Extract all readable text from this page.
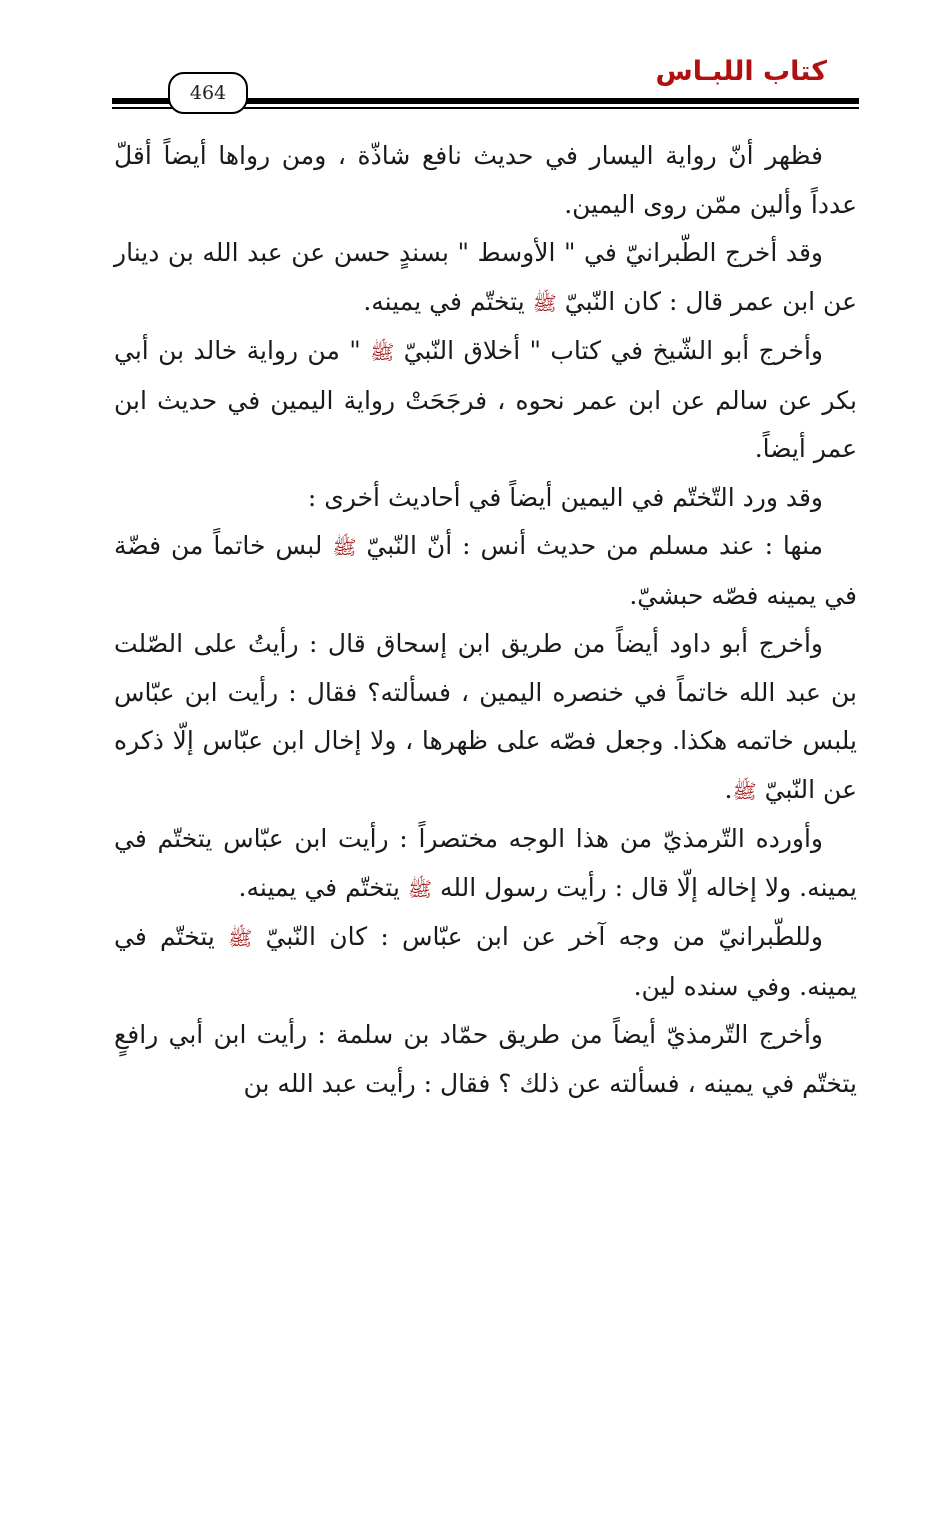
كتاب اللبـاس
464

فظهر أنّ رواية اليسار في حديث نافع شاذّة ، ومن رواها أيضاً أقلّ عدداً وألين ممّن روى اليمين.

وقد أخرج الطّبرانيّ في " الأوسط " بسندٍ حسن عن عبد الله بن دينار عن ابن عمر قال : كان النّبيّ ﷺ يتختّم في يمينه.

وأخرج أبو الشّيخ في كتاب " أخلاق النّبيّ ﷺ " من رواية خالد بن أبي بكر عن سالم عن ابن عمر نحوه ، فرجَحَتْ رواية اليمين في حديث ابن عمر أيضاً.

وقد ورد التّختّم في اليمين أيضاً في أحاديث أخرى :

منها : عند مسلم من حديث أنس : أنّ النّبيّ ﷺ لبس خاتماً من فضّة في يمينه فصّه حبشيّ.

وأخرج أبو داود أيضاً من طريق ابن إسحاق قال : رأيتُ على الصّلت بن عبد الله خاتماً في خنصره اليمين ، فسألته؟ فقال : رأيت ابن عبّاس يلبس خاتمه هكذا. وجعل فصّه على ظهرها ، ولا إخال ابن عبّاس إلّا ذكره عن النّبيّ ﷺ.

وأورده التّرمذيّ من هذا الوجه مختصراً : رأيت ابن عبّاس يتختّم في يمينه. ولا إخاله إلّا قال : رأيت رسول الله ﷺ يتختّم في يمينه.

وللطّبرانيّ من وجه آخر عن ابن عبّاس : كان النّبيّ ﷺ يتختّم في يمينه. وفي سنده لين.

وأخرج التّرمذيّ أيضاً من طريق حمّاد بن سلمة : رأيت ابن أبي رافعٍ يتختّم في يمينه ، فسألته عن ذلك ؟ فقال : رأيت عبد الله بن
